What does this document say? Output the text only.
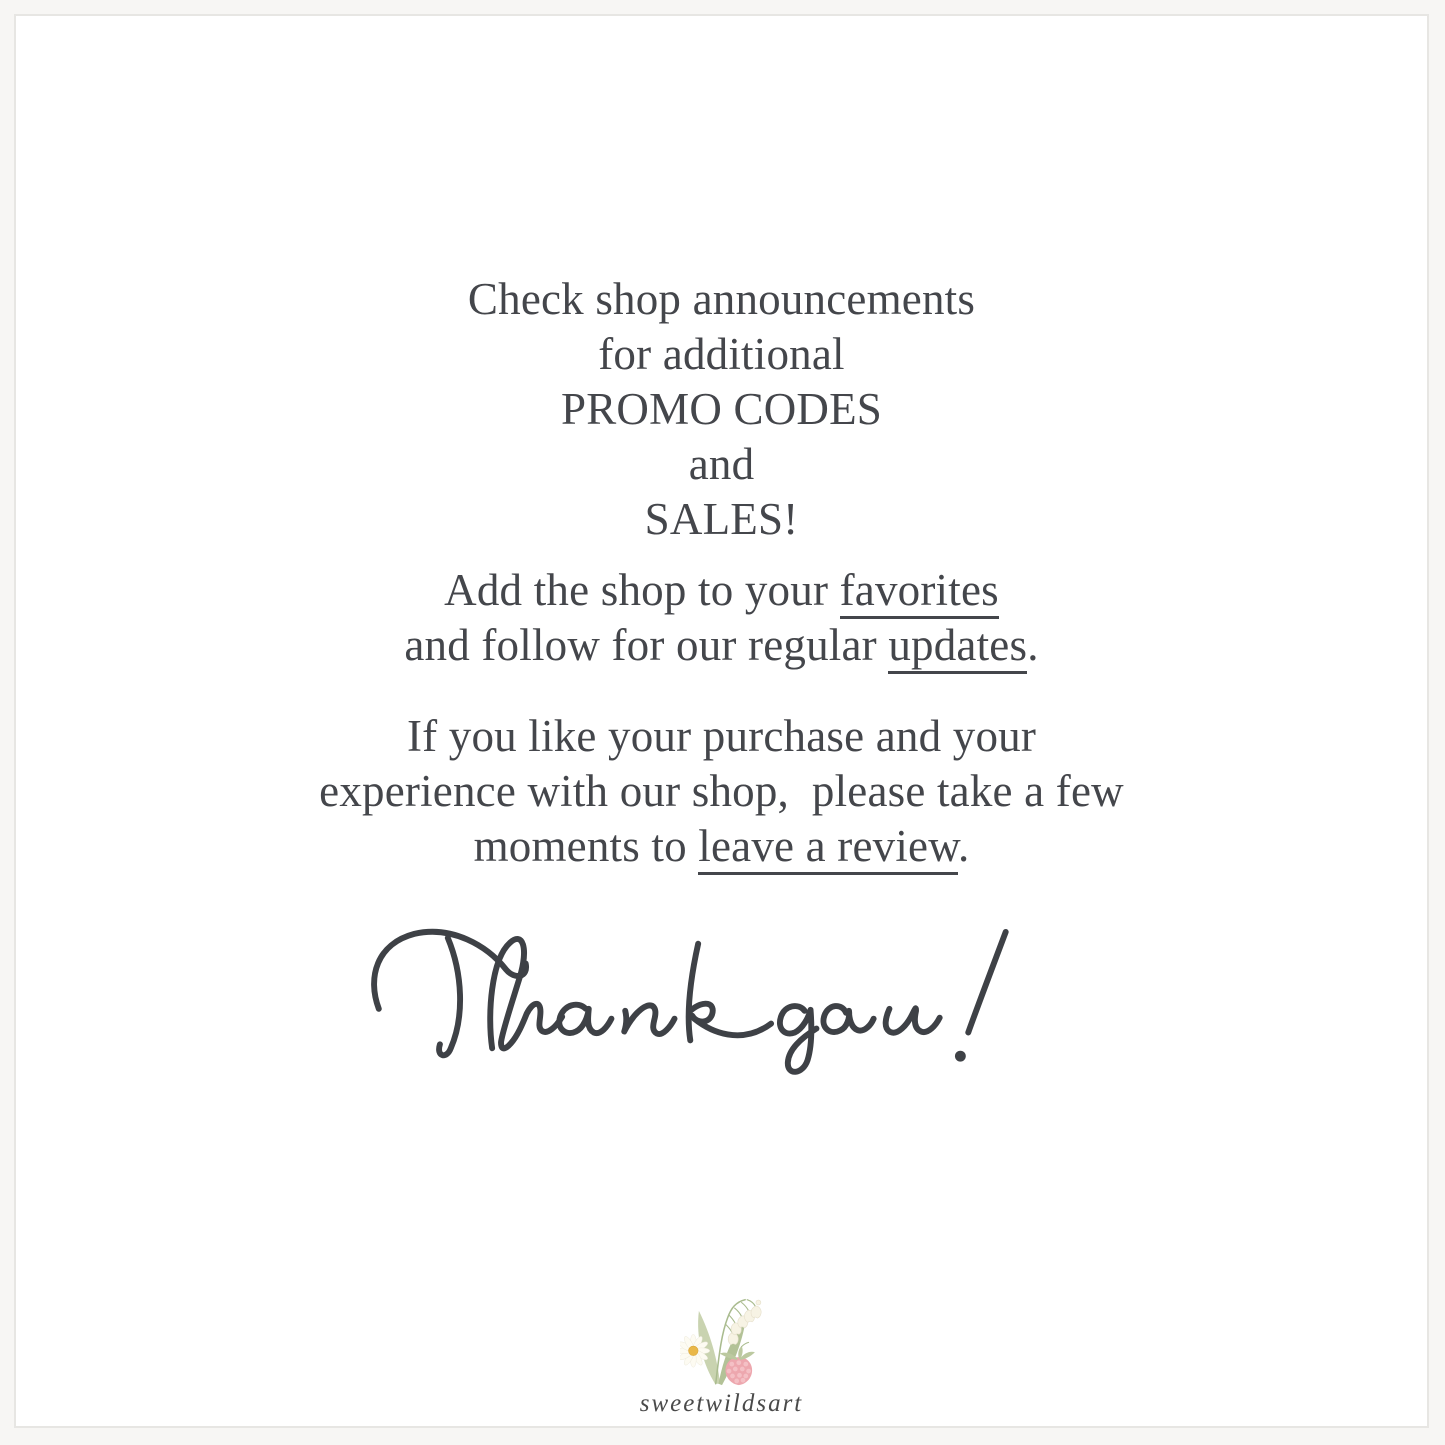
Check shop announcements
for additional
PROMO CODES
and
SALES!
Add the shop to your favorites
and follow for our regular updates.
If you like your purchase and your
experience with our shop,  please take a few
moments to leave a review.
sweetwildsart
